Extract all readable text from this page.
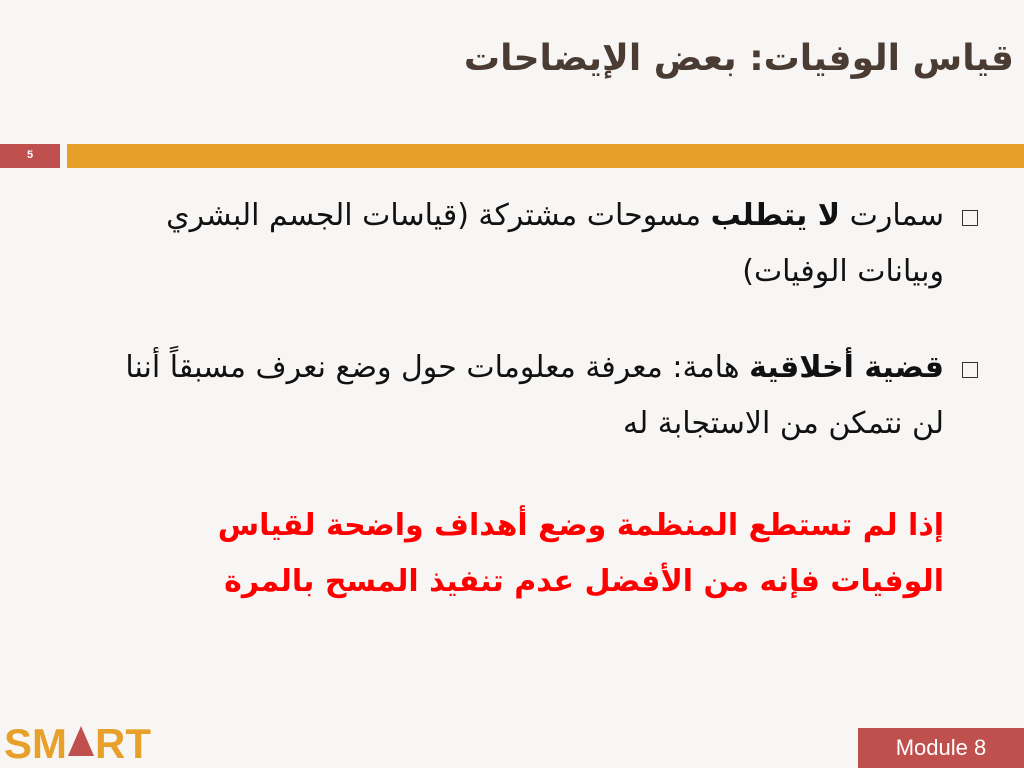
قياس الوفيات: بعض الإيضاحات
5
سمارت لا يتطلب مسوحات مشتركة (قياسات الجسم البشري وبيانات الوفيات)
قضية أخلاقية هامة: معرفة معلومات حول وضع نعرف مسبقاً أننا لن نتمكن من الاستجابة له
إذا لم تستطع المنظمة وضع أهداف واضحة لقياس الوفيات فإنه من الأفضل عدم تنفيذ المسح بالمرة
SM RT	Module 8
